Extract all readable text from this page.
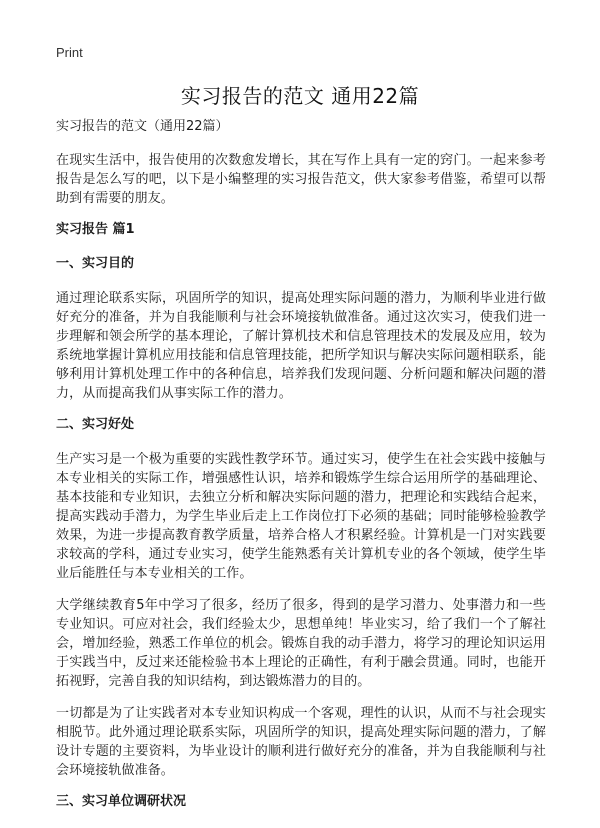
Print
实习报告的范文 通用22篇
实习报告的范文（通用22篇）

在现实生活中，报告使用的次数愈发增长，其在写作上具有一定的窍门。一起来参考报告是怎么写的吧，以下是小编整理的实习报告范文，供大家参考借鉴，希望可以帮助到有需要的朋友。

实习报告 篇1
一、实习目的

通过理论联系实际，巩固所学的知识，提高处理实际问题的潜力，为顺利毕业进行做好充分的准备，并为自我能顺利与社会环境接轨做准备。通过这次实习，使我们进一步理解和领会所学的基本理论，了解计算机技术和信息管理技术的发展及应用，较为系统地掌握计算机应用技能和信息管理技能，把所学知识与解决实际问题相联系，能够利用计算机处理工作中的各种信息，培养我们发现问题、分析问题和解决问题的潜力，从而提高我们从事实际工作的潜力。

二、实习好处

生产实习是一个极为重要的实践性教学环节。通过实习，使学生在社会实践中接触与本专业相关的实际工作，增强感性认识，培养和锻炼学生综合运用所学的基础理论、基本技能和专业知识，去独立分析和解决实际问题的潜力，把理论和实践结合起来，提高实践动手潜力，为学生毕业后走上工作岗位打下必须的基础；同时能够检验教学效果，为进一步提高教育教学质量，培养合格人才积累经验。计算机是一门对实践要求较高的学科，通过专业实习，使学生能熟悉有关计算机专业的各个领域，使学生毕业后能胜任与本专业相关的工作。

大学继续教育5年中学习了很多，经历了很多，得到的是学习潜力、处事潜力和一些专业知识。可应对社会，我们经验太少，思想单纯！毕业实习，给了我们一个了解社会，增加经验，熟悉工作单位的机会。锻炼自我的动手潜力，将学习的理论知识运用于实践当中，反过来还能检验书本上理论的正确性，有利于融会贯通。同时，也能开拓视野，完善自我的知识结构，到达锻炼潜力的目的。

一切都是为了让实践者对本专业知识构成一个客观，理性的认识，从而不与社会现实相脱节。此外通过理论联系实际，巩固所学的知识，提高处理实际问题的潜力，了解设计专题的主要资料，为毕业设计的顺利进行做好充分的准备，并为自我能顺利与社会环境接轨做准备。

三、实习单位调研状况
